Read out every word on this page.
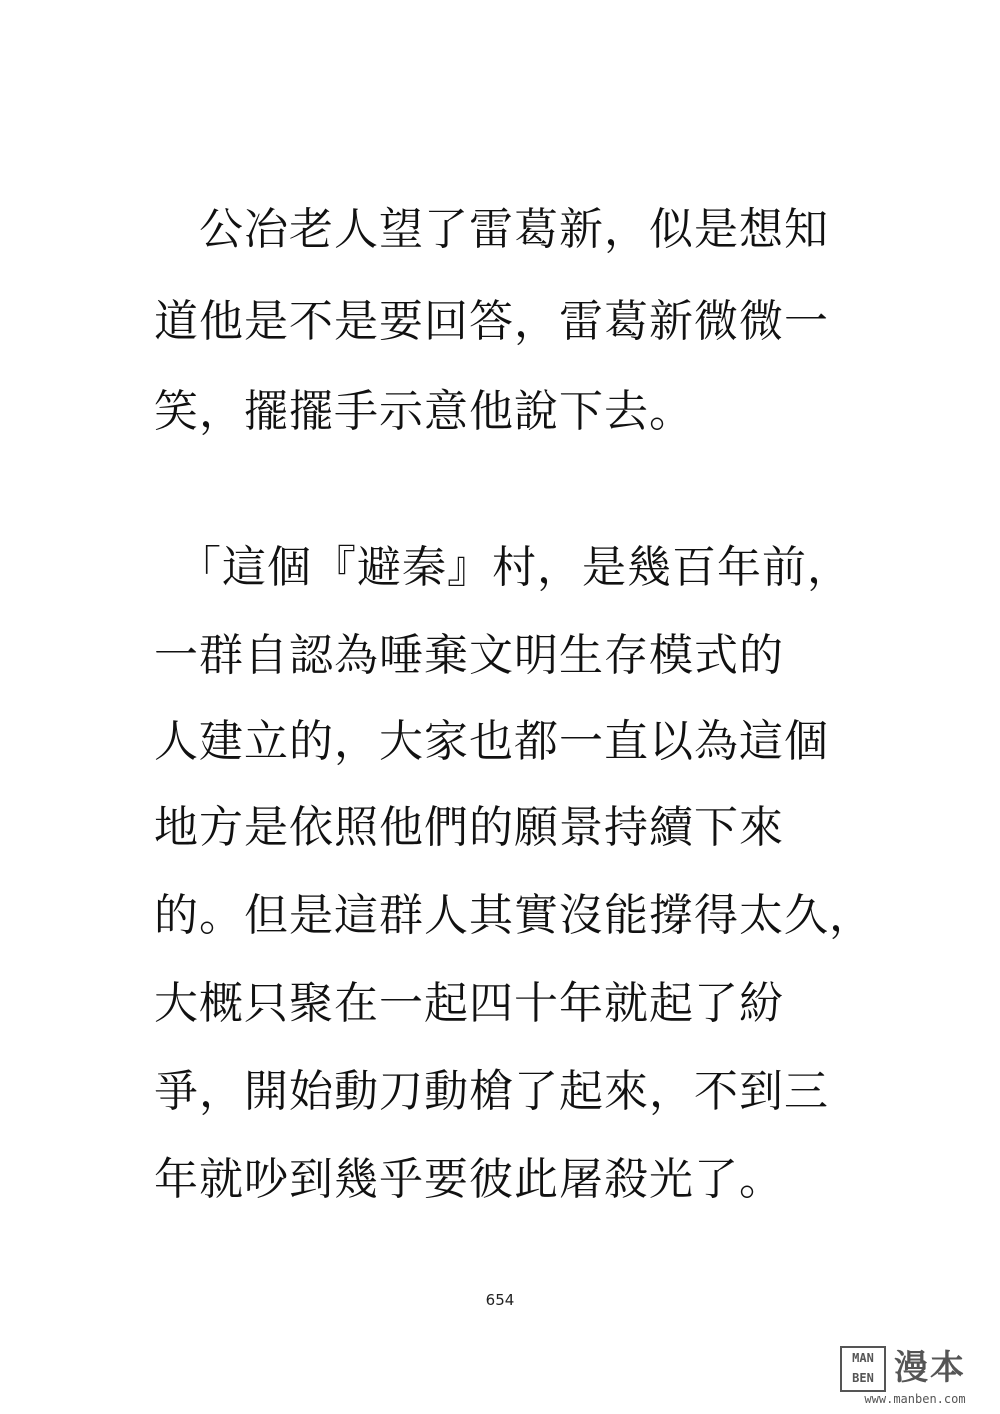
　公冶老人望了雷葛新，似是想知
道他是不是要回答，雷葛新微微一
笑，擺擺手示意他說下去。
　「這個『避秦』村，是幾百年前，
一群自認為唾棄文明生存模式的
人建立的，大家也都一直以為這個
地方是依照他們的願景持續下來
的。但是這群人其實沒能撐得太久，
大概只聚在一起四十年就起了紛
爭，開始動刀動槍了起來，不到三
年就吵到幾乎要彼此屠殺光了。
654
MAN
BEN 漫本
www.manben.com
